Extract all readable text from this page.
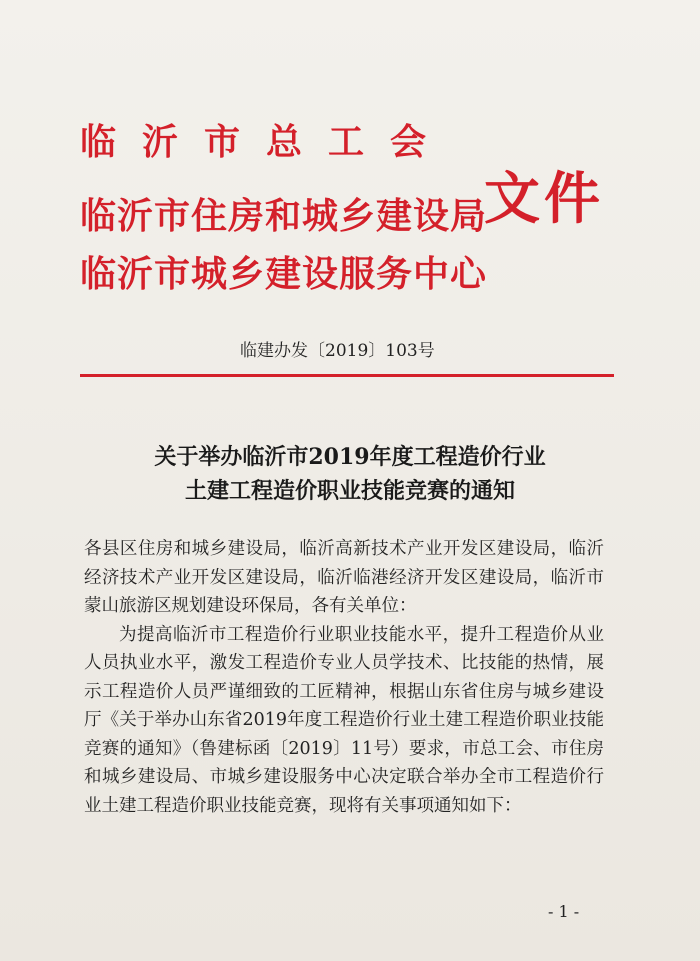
临沂市总工会
临沂市住房和城乡建设局
临沂市城乡建设服务中心
文件
临建办发〔2019〕103号
关于举办临沂市2019年度工程造价行业
土建工程造价职业技能竞赛的通知

各县区住房和城乡建设局，临沂高新技术产业开发区建设局，临沂经济技术产业开发区建设局，临沂临港经济开发区建设局，临沂市蒙山旅游区规划建设环保局，各有关单位：

为提高临沂市工程造价行业职业技能水平，提升工程造价从业人员执业水平，激发工程造价专业人员学技术、比技能的热情，展示工程造价人员严谨细致的工匠精神，根据山东省住房与城乡建设厅《关于举办山东省2019年度工程造价行业土建工程造价职业技能竞赛的通知》（鲁建标函〔2019〕11号）要求，市总工会、市住房和城乡建设局、市城乡建设服务中心决定联合举办全市工程造价行业土建工程造价职业技能竞赛，现将有关事项通知如下：

- 1 -
